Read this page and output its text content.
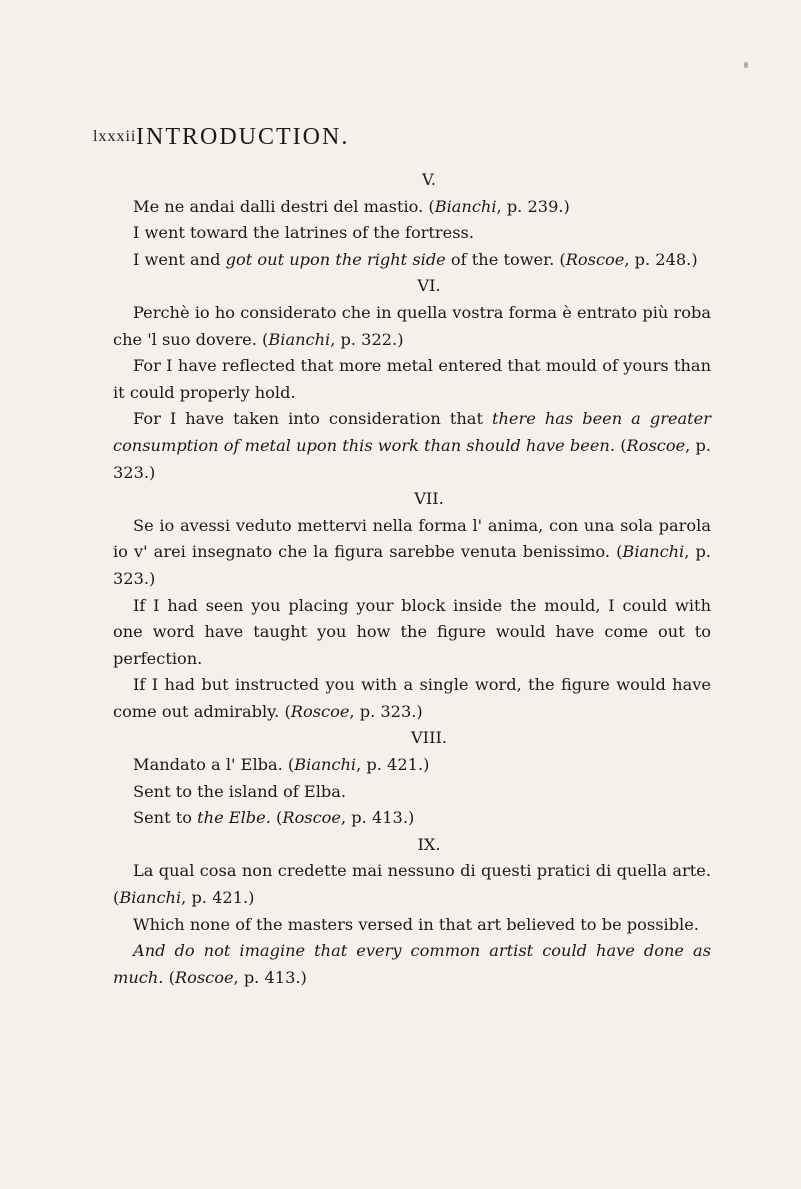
lxxxii INTRODUCTION.

V.

Me ne andai dalli destri del mastio. (Bianchi, p. 239.)

I went toward the latrines of the fortress.

I went and got out upon the right side of the tower. (Roscoe, p. 248.)

VI.

Perchè io ho considerato che in quella vostra forma è entrato più roba che 'l suo dovere. (Bianchi, p. 322.)

For I have reflected that more metal entered that mould of yours than it could properly hold.

For I have taken into consideration that there has been a greater consumption of metal upon this work than should have been. (Roscoe, p. 323.)

VII.

Se io avessi veduto mettervi nella forma l' anima, con una sola parola io v' arei insegnato che la figura sarebbe venuta benissimo. (Bianchi, p. 323.)

If I had seen you placing your block inside the mould, I could with one word have taught you how the figure would have come out to perfection.

If I had but instructed you with a single word, the figure would have come out admirably. (Roscoe, p. 323.)

VIII.

Mandato a l' Elba. (Bianchi, p. 421.)

Sent to the island of Elba.

Sent to the Elbe. (Roscoe, p. 413.)

IX.

La qual cosa non credette mai nessuno di questi pratici di quella arte. (Bianchi, p. 421.)

Which none of the masters versed in that art believed to be possible.

And do not imagine that every common artist could have done as much. (Roscoe, p. 413.)
